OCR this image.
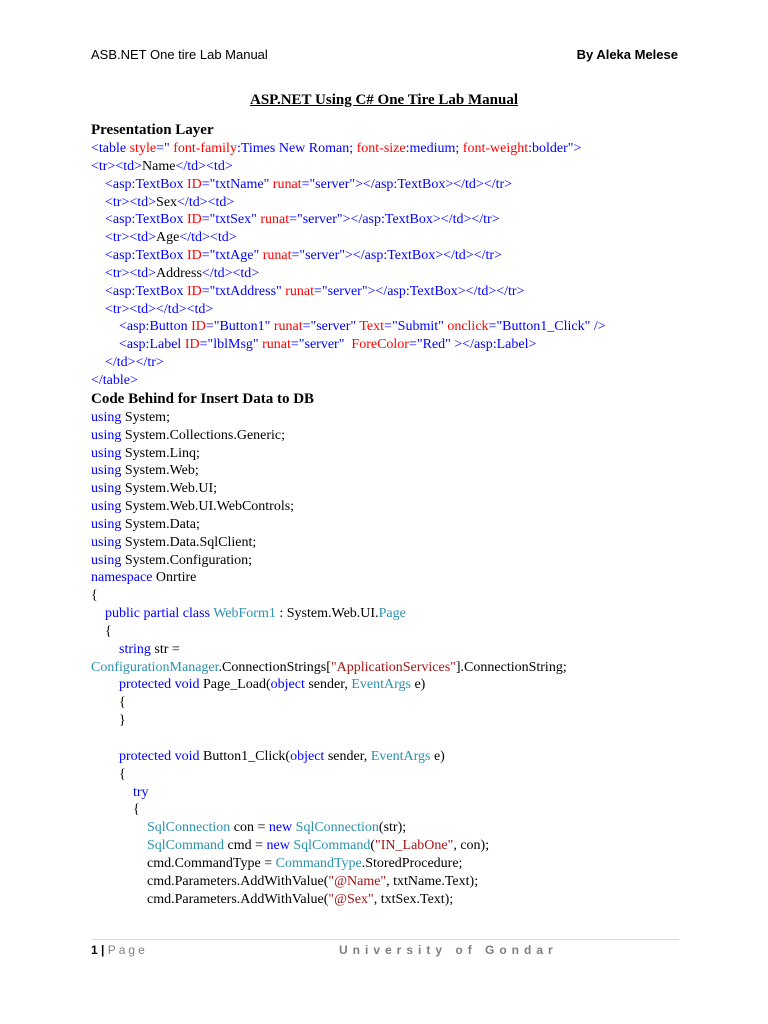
ASB.NET One tire Lab Manual	By Aleka Melese
ASP.NET Using C# One Tire Lab Manual
Presentation Layer
<table style=" font-family:Times New Roman; font-size:medium; font-weight:bolder">
<tr><td>Name</td><td>
<asp:TextBox ID="txtName" runat="server"></asp:TextBox></td></tr>
<tr><td>Sex</td><td>
<asp:TextBox ID="txtSex" runat="server"></asp:TextBox></td></tr>
<tr><td>Age</td><td>
<asp:TextBox ID="txtAge" runat="server"></asp:TextBox></td></tr>
<tr><td>Address</td><td>
<asp:TextBox ID="txtAddress" runat="server"></asp:TextBox></td></tr>
<tr><td></td><td>
<asp:Button ID="Button1" runat="server" Text="Submit" onclick="Button1_Click" />
<asp:Label ID="lblMsg" runat="server"  ForeColor="Red" ></asp:Label>
</td></tr>
</table>
Code Behind for Insert Data to DB
using System;
using System.Collections.Generic;
using System.Linq;
using System.Web;
using System.Web.UI;
using System.Web.UI.WebControls;
using System.Data;
using System.Data.SqlClient;
using System.Configuration;
namespace Onrtire
{
public partial class WebForm1 : System.Web.UI.Page
{
string str =
ConfigurationManager.ConnectionStrings["ApplicationServices"].ConnectionString;
protected void Page_Load(object sender, EventArgs e)
{
}

protected void Button1_Click(object sender, EventArgs e)
{
try
{
SqlConnection con = new SqlConnection(str);
SqlCommand cmd = new SqlCommand("IN_LabOne", con);
cmd.CommandType = CommandType.StoredProcedure;
cmd.Parameters.AddWithValue("@Name", txtName.Text);
cmd.Parameters.AddWithValue("@Sex", txtSex.Text);
1 | Page	University of Gondar
